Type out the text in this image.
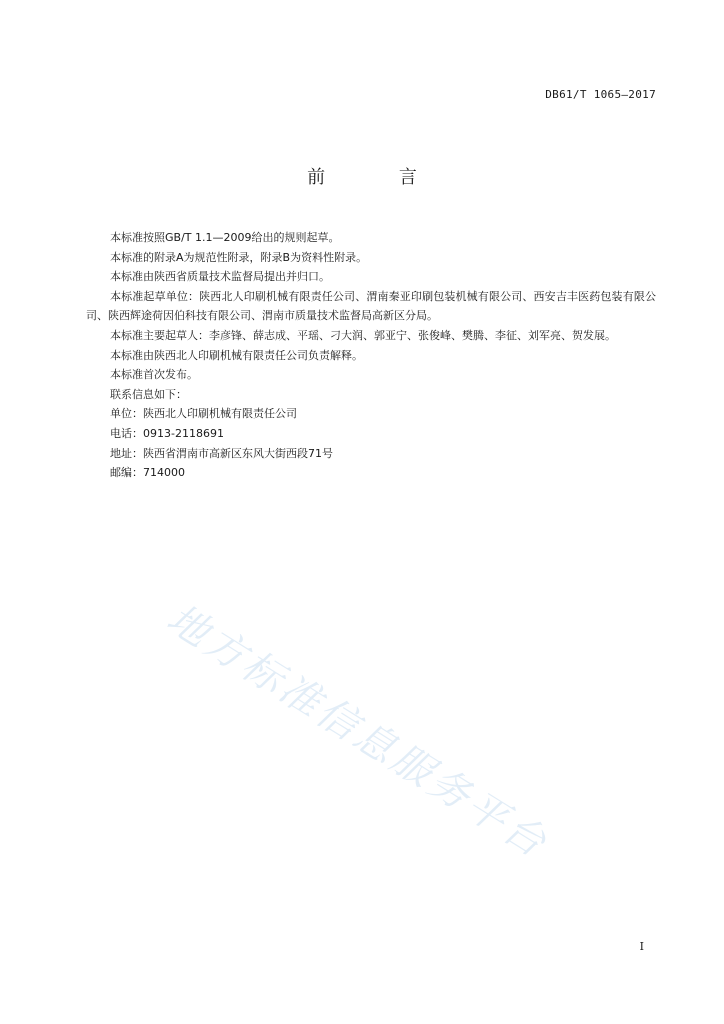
DB61/T 1065—2017
前 言

本标准按照GB/T 1.1—2009给出的规则起草。

本标准的附录A为规范性附录，附录B为资料性附录。

本标准由陕西省质量技术监督局提出并归口。

本标准起草单位：陕西北人印刷机械有限责任公司、渭南秦亚印刷包装机械有限公司、西安吉丰医药包装有限公司、陕西辉途荷因伯科技有限公司、渭南市质量技术监督局高新区分局。

本标准主要起草人：李彦锋、薛志成、平瑶、刁大润、郭亚宁、张俊峰、樊腾、李征、刘军亮、贺发展。

本标准由陕西北人印刷机械有限责任公司负责解释。

本标准首次发布。

联系信息如下：

单位：陕西北人印刷机械有限责任公司

电话：0913-2118691

地址：陕西省渭南市高新区东风大街西段71号

邮编：714000

地方标准信息服务平台
I
